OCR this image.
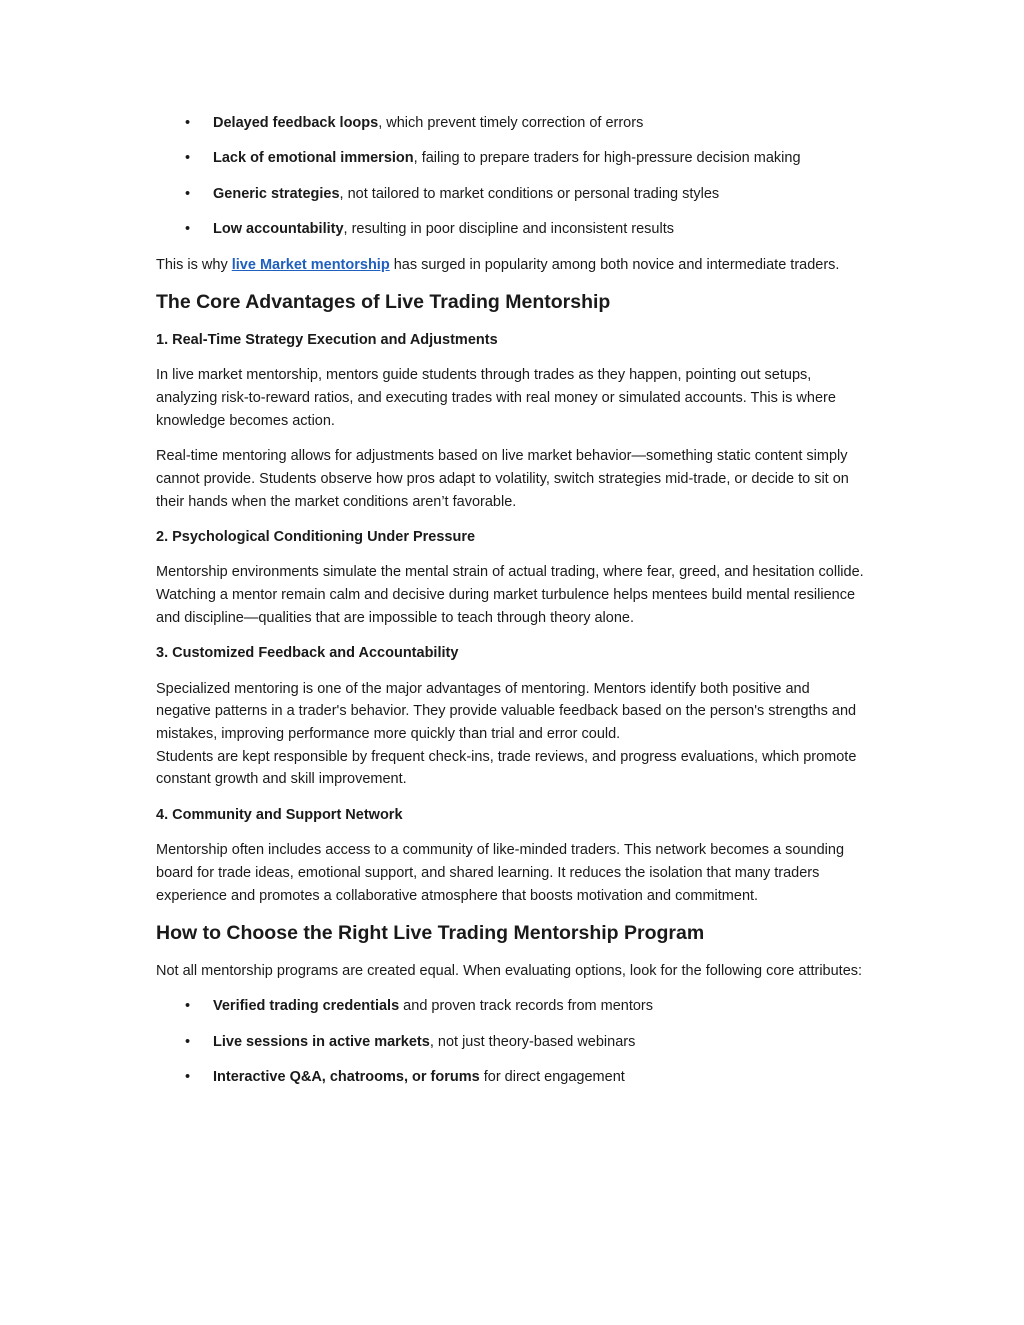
• Delayed feedback loops, which prevent timely correction of errors
• Lack of emotional immersion, failing to prepare traders for high-pressure decision making
• Generic strategies, not tailored to market conditions or personal trading styles
• Low accountability, resulting in poor discipline and inconsistent results

This is why live Market mentorship has surged in popularity among both novice and intermediate traders.

The Core Advantages of Live Trading Mentorship
1. Real-Time Strategy Execution and Adjustments

In live market mentorship, mentors guide students through trades as they happen, pointing out setups, analyzing risk-to-reward ratios, and executing trades with real money or simulated accounts. This is where knowledge becomes action.

Real-time mentoring allows for adjustments based on live market behavior—something static content simply cannot provide. Students observe how pros adapt to volatility, switch strategies mid-trade, or decide to sit on their hands when the market conditions aren’t favorable.

2. Psychological Conditioning Under Pressure

Mentorship environments simulate the mental strain of actual trading, where fear, greed, and hesitation collide. Watching a mentor remain calm and decisive during market turbulence helps mentees build mental resilience and discipline—qualities that are impossible to teach through theory alone.

3. Customized Feedback and Accountability

Specialized mentoring is one of the major advantages of mentoring. Mentors identify both positive and negative patterns in a trader's behavior. They provide valuable feedback based on the person's strengths and mistakes, improving performance more quickly than trial and error could.
Students are kept responsible by frequent check-ins, trade reviews, and progress evaluations, which promote constant growth and skill improvement.

4. Community and Support Network

Mentorship often includes access to a community of like-minded traders. This network becomes a sounding board for trade ideas, emotional support, and shared learning. It reduces the isolation that many traders experience and promotes a collaborative atmosphere that boosts motivation and commitment.

How to Choose the Right Live Trading Mentorship Program

Not all mentorship programs are created equal. When evaluating options, look for the following core attributes:

• Verified trading credentials and proven track records from mentors
• Live sessions in active markets, not just theory-based webinars
• Interactive Q&A, chatrooms, or forums for direct engagement
